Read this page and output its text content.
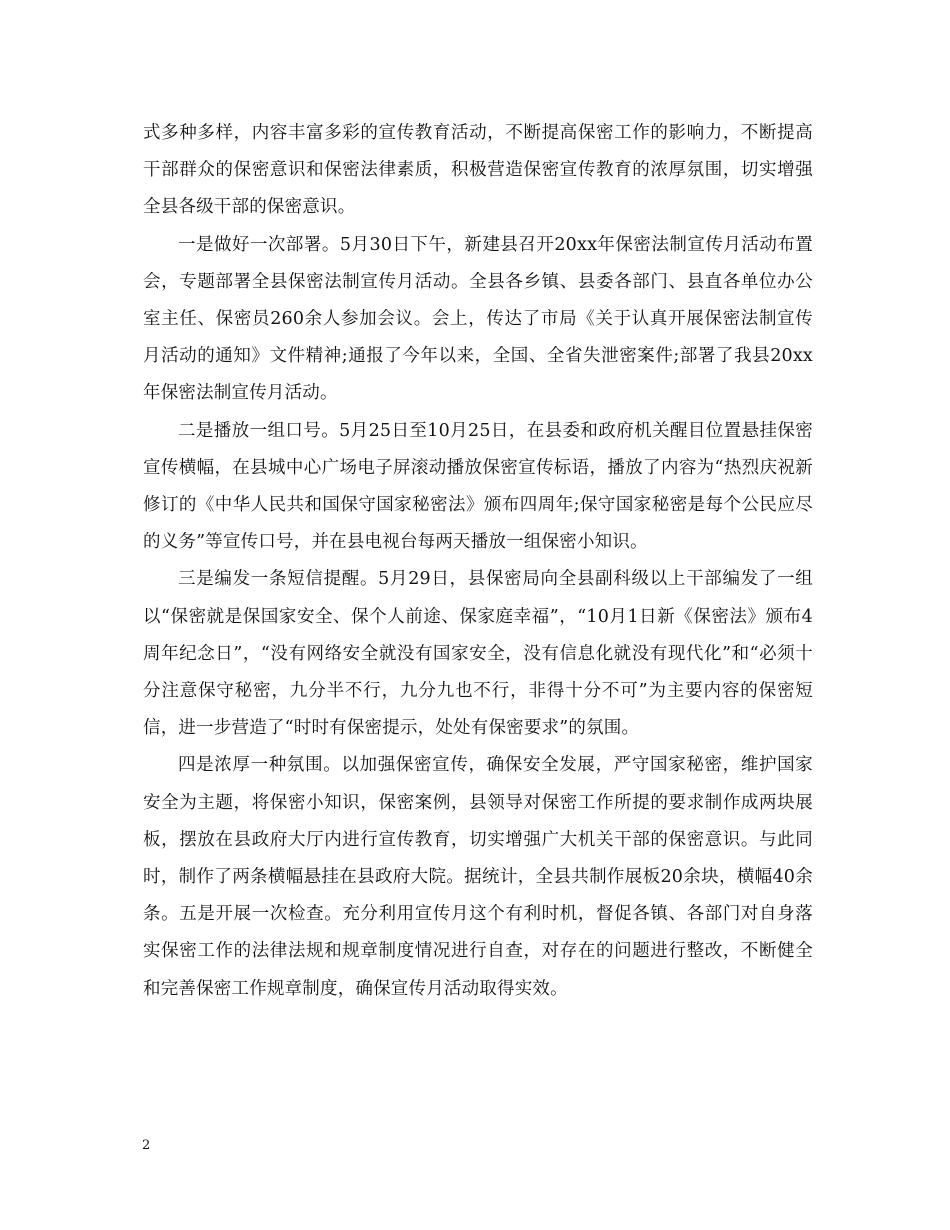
式多种多样，内容丰富多彩的宣传教育活动，不断提高保密工作的影响力，不断提高干部群众的保密意识和保密法律素质，积极营造保密宣传教育的浓厚氛围，切实增强全县各级干部的保密意识。

一是做好一次部署。5月30日下午，新建县召开20xx年保密法制宣传月活动布置会，专题部署全县保密法制宣传月活动。全县各乡镇、县委各部门、县直各单位办公室主任、保密员260余人参加会议。会上，传达了市局《关于认真开展保密法制宣传月活动的通知》文件精神;通报了今年以来，全国、全省失泄密案件;部署了我县20xx年保密法制宣传月活动。

二是播放一组口号。5月25日至10月25日，在县委和政府机关醒目位置悬挂保密宣传横幅，在县城中心广场电子屏滚动播放保密宣传标语，播放了内容为“热烈庆祝新修订的《中华人民共和国保守国家秘密法》颁布四周年;保守国家秘密是每个公民应尽的义务”等宣传口号，并在县电视台每两天播放一组保密小知识。

三是编发一条短信提醒。5月29日，县保密局向全县副科级以上干部编发了一组以“保密就是保国家安全、保个人前途、保家庭幸福”，“10月1日新《保密法》颁布4周年纪念日”，“没有网络安全就没有国家安全，没有信息化就没有现代化”和“必须十分注意保守秘密，九分半不行，九分九也不行，非得十分不可”为主要内容的保密短信，进一步营造了“时时有保密提示，处处有保密要求”的氛围。

四是浓厚一种氛围。以加强保密宣传，确保安全发展，严守国家秘密，维护国家安全为主题，将保密小知识，保密案例，县领导对保密工作所提的要求制作成两块展板，摆放在县政府大厅内进行宣传教育，切实增强广大机关干部的保密意识。与此同时，制作了两条横幅悬挂在县政府大院。据统计，全县共制作展板20余块，横幅40余条。五是开展一次检查。充分利用宣传月这个有利时机，督促各镇、各部门对自身落实保密工作的法律法规和规章制度情况进行自查，对存在的问题进行整改，不断健全和完善保密工作规章制度，确保宣传月活动取得实效。

2
